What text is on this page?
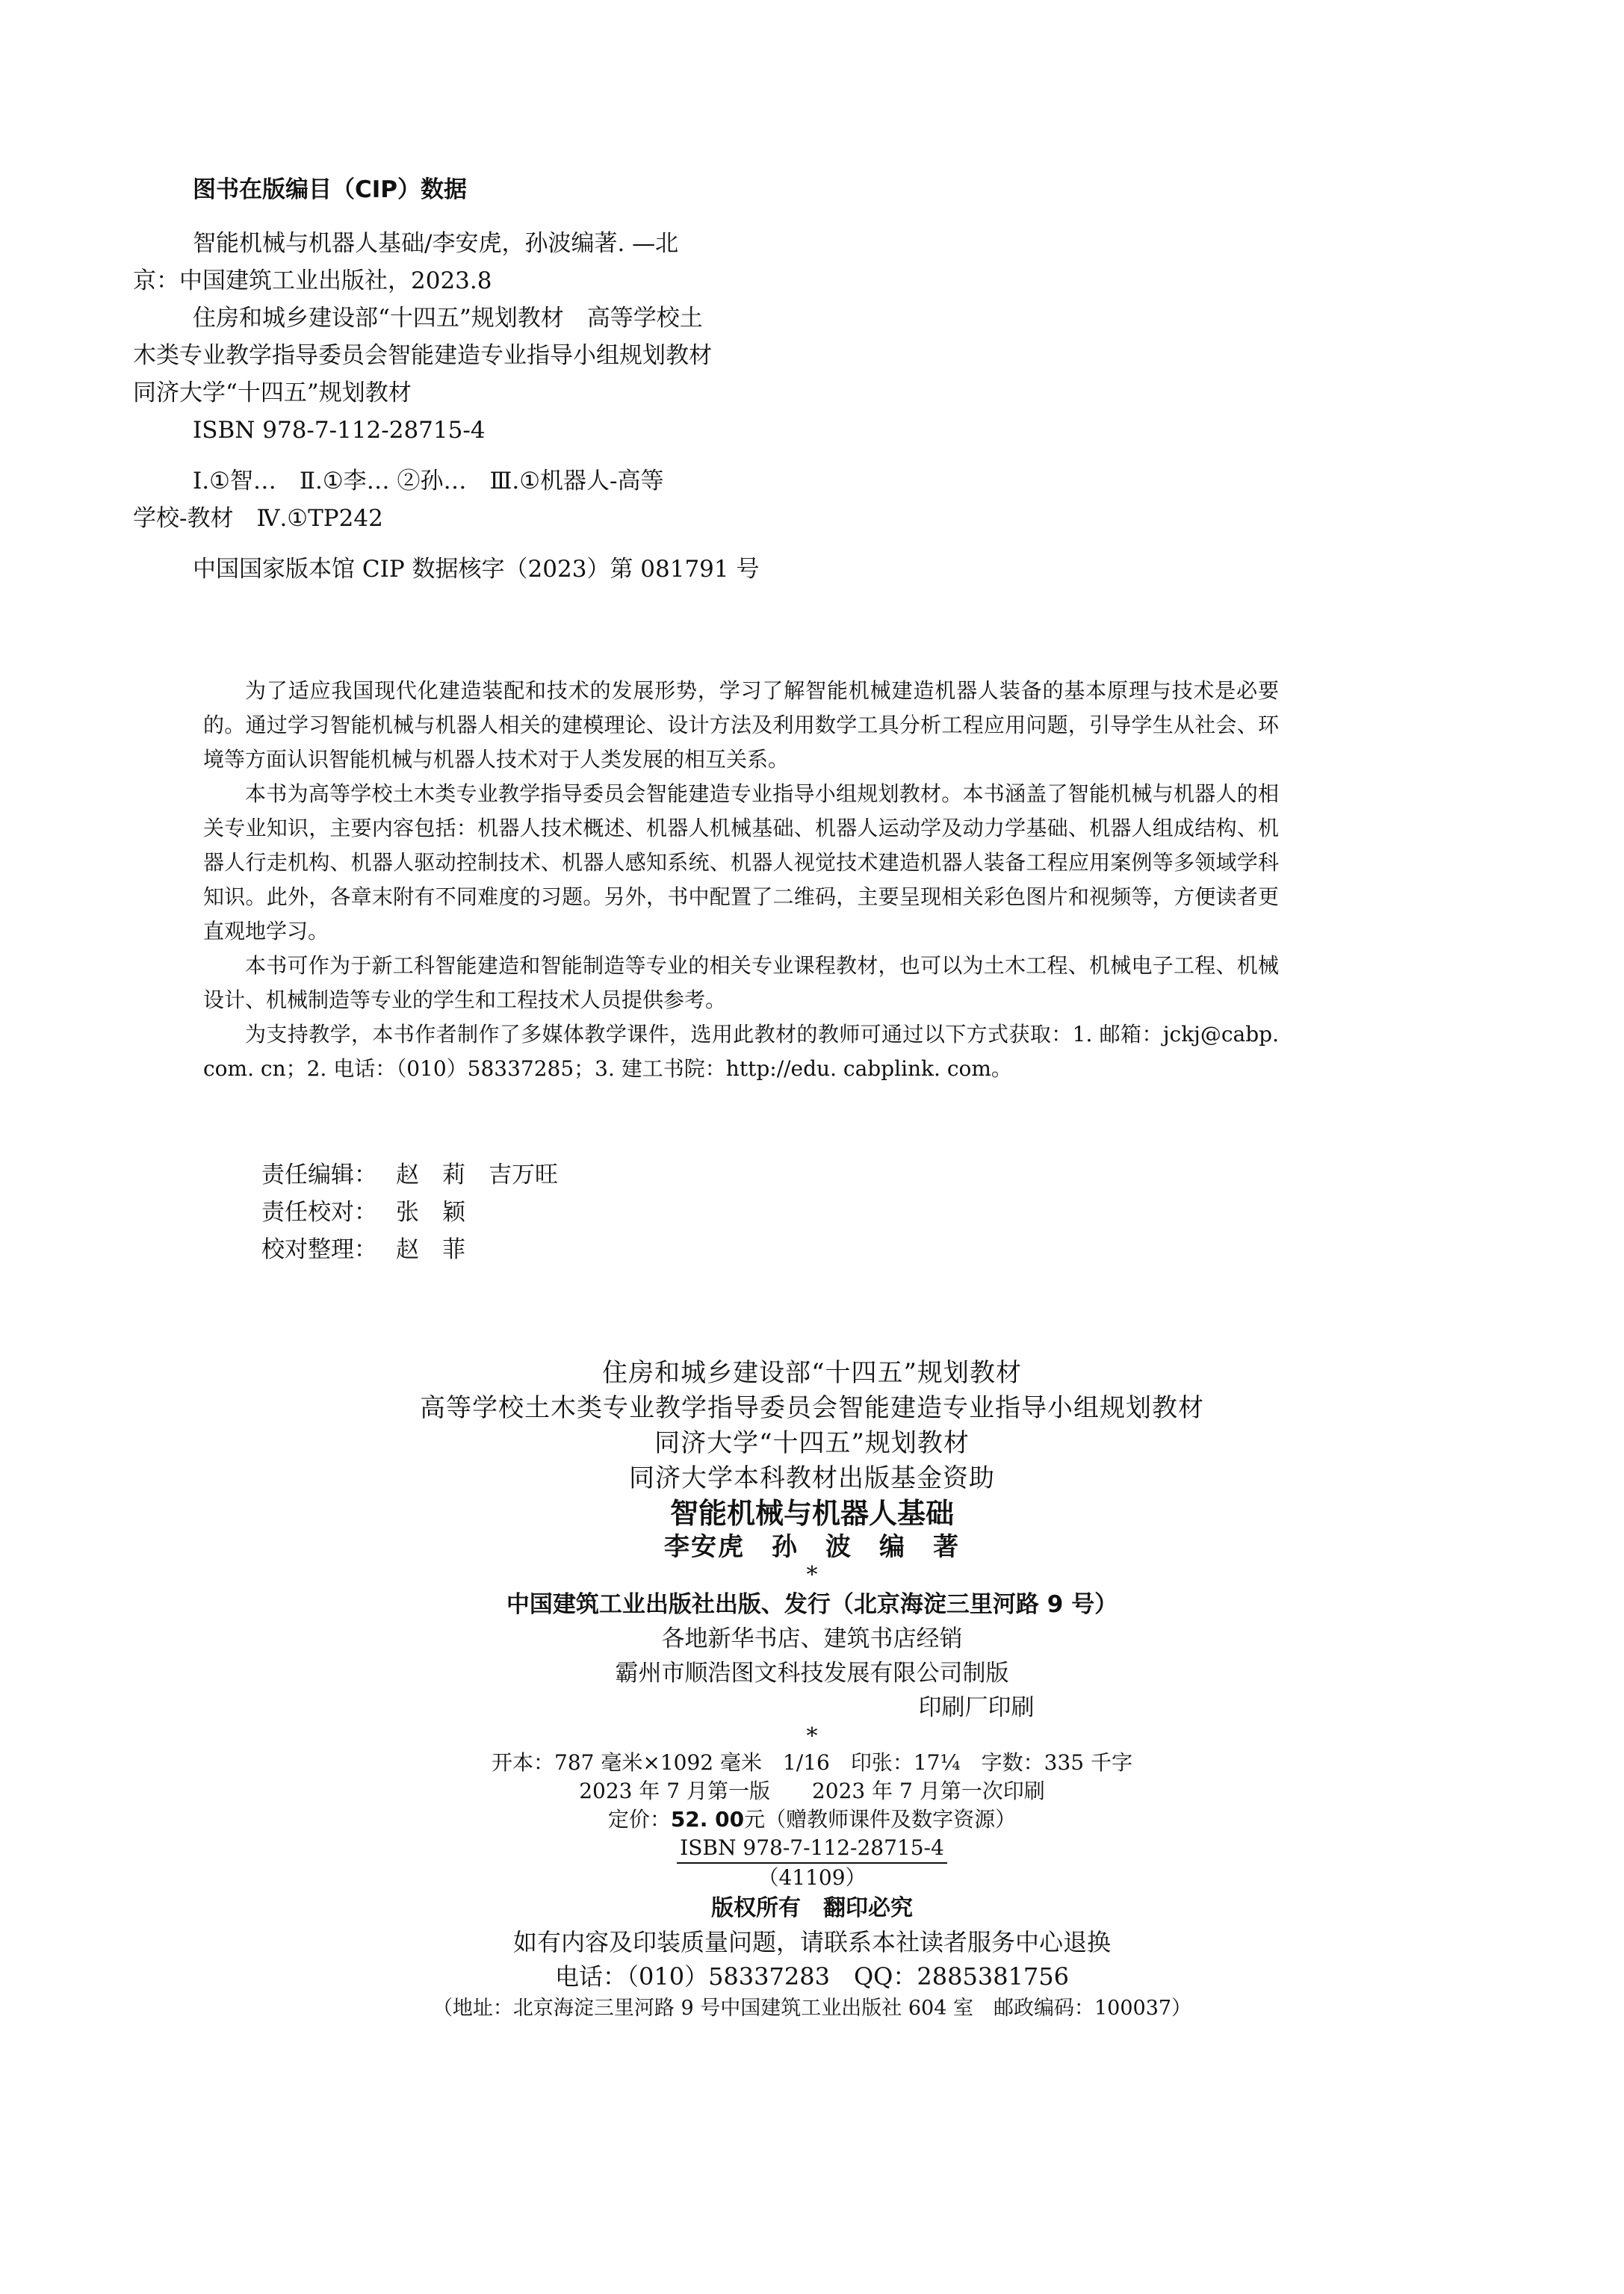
图书在版编目（CIP）数据
智能机械与机器人基础/李安虎，孙波编著. —北
京：中国建筑工业出版社，2023.8
住房和城乡建设部“十四五”规划教材　高等学校土
木类专业教学指导委员会智能建造专业指导小组规划教材
同济大学“十四五”规划教材
ISBN 978-7-112-28715-4
Ⅰ.①智…　Ⅱ.①李… ②孙…　Ⅲ.①机器人-高等
学校-教材　Ⅳ.①TP242
中国国家版本馆 CIP 数据核字（2023）第 081791 号

为了适应我国现代化建造装配和技术的发展形势，学习了解智能机械建造机器人装备的基本原理与技术是必要的。通过学习智能机械与机器人相关的建模理论、设计方法及利用数学工具分析工程应用问题，引导学生从社会、环境等方面认识智能机械与机器人技术对于人类发展的相互关系。

本书为高等学校土木类专业教学指导委员会智能建造专业指导小组规划教材。本书涵盖了智能机械与机器人的相关专业知识，主要内容包括：机器人技术概述、机器人机械基础、机器人运动学及动力学基础、机器人组成结构、机器人行走机构、机器人驱动控制技术、机器人感知系统、机器人视觉技术建造机器人装备工程应用案例等多领域学科知识。此外，各章末附有不同难度的习题。另外，书中配置了二维码，主要呈现相关彩色图片和视频等，方便读者更直观地学习。

本书可作为于新工科智能建造和智能制造等专业的相关专业课程教材，也可以为土木工程、机械电子工程、机械设计、机械制造等专业的学生和工程技术人员提供参考。

为支持教学，本书作者制作了多媒体教学课件，选用此教材的教师可通过以下方式获取：1. 邮箱：jckj@cabp. com. cn；2. 电话：（010）58337285；3. 建工书院：http://edu. cabplink. com。

责任编辑： 赵　莉　吉万旺
责任校对： 张　颖
校对整理： 赵　菲
住房和城乡建设部“十四五”规划教材
高等学校土木类专业教学指导委员会智能建造专业指导小组规划教材
同济大学“十四五”规划教材
同济大学本科教材出版基金资助
智能机械与机器人基础
李安虎　孙　波　编　著
*
中国建筑工业出版社出版、发行（北京海淀三里河路 9 号）
各地新华书店、建筑书店经销
霸州市顺浩图文科技发展有限公司制版
印刷厂印刷
*
开本：787 毫米×1092 毫米　1/16　印张：17¼　字数：335 千字
2023 年 7 月第一版　　2023 年 7 月第一次印刷
定价：52. 00元（赠教师课件及数字资源）
ISBN 978-7-112-28715-4
（41109）
版权所有　翻印必究
如有内容及印装质量问题，请联系本社读者服务中心退换
电话：（010）58337283　QQ：2885381756
（地址：北京海淀三里河路 9 号中国建筑工业出版社 604 室　邮政编码：100037）
